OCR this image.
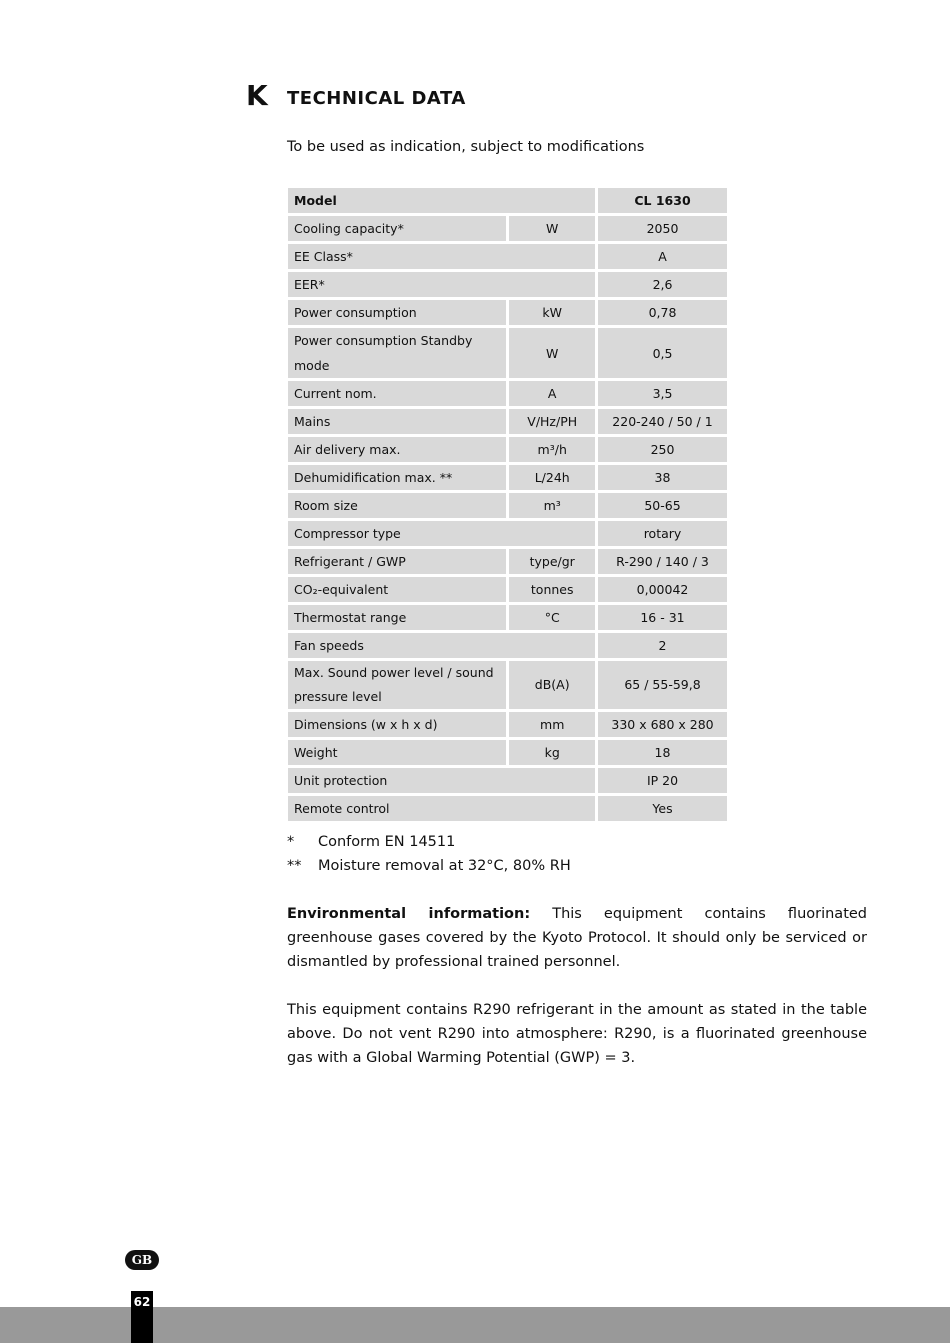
K TECHNICAL DATA
To be used as indication, subject to modifications
Model		CL 1630
Cooling capacity*	W	2050
EE Class*		A
EER*		2,6
Power consumption	kW	0,78
Power consumption Standby mode	W	0,5
Current nom.	A	3,5
Mains	V/Hz/PH	220-240 / 50 / 1
Air delivery max.	m³/h	250
Dehumidification max. **	L/24h	38
Room size	m³	50-65
Compressor type		rotary
Refrigerant / GWP	type/gr	R-290 / 140 / 3
CO₂-equivalent	tonnes	0,00042
Thermostat range	°C	16 - 31
Fan speeds		2
Max. Sound power level / sound pressure level	dB(A)	65 / 55-59,8
Dimensions (w x h x d)	mm	330 x 680 x 280
Weight	kg	18
Unit protection		IP 20
Remote control		Yes
*	Conform EN 14511
**	Moisture removal at 32°C, 80% RH
Environmental information: This equipment contains fluorinated greenhouse gases covered by the Kyoto Protocol. It should only be serviced or dismantled by professional trained personnel.
This equipment contains R290 refrigerant in the amount as stated in the table above. Do not vent R290 into atmosphere: R290, is a fluorinated greenhouse gas with a Global Warming Potential (GWP) = 3.
GB
62
